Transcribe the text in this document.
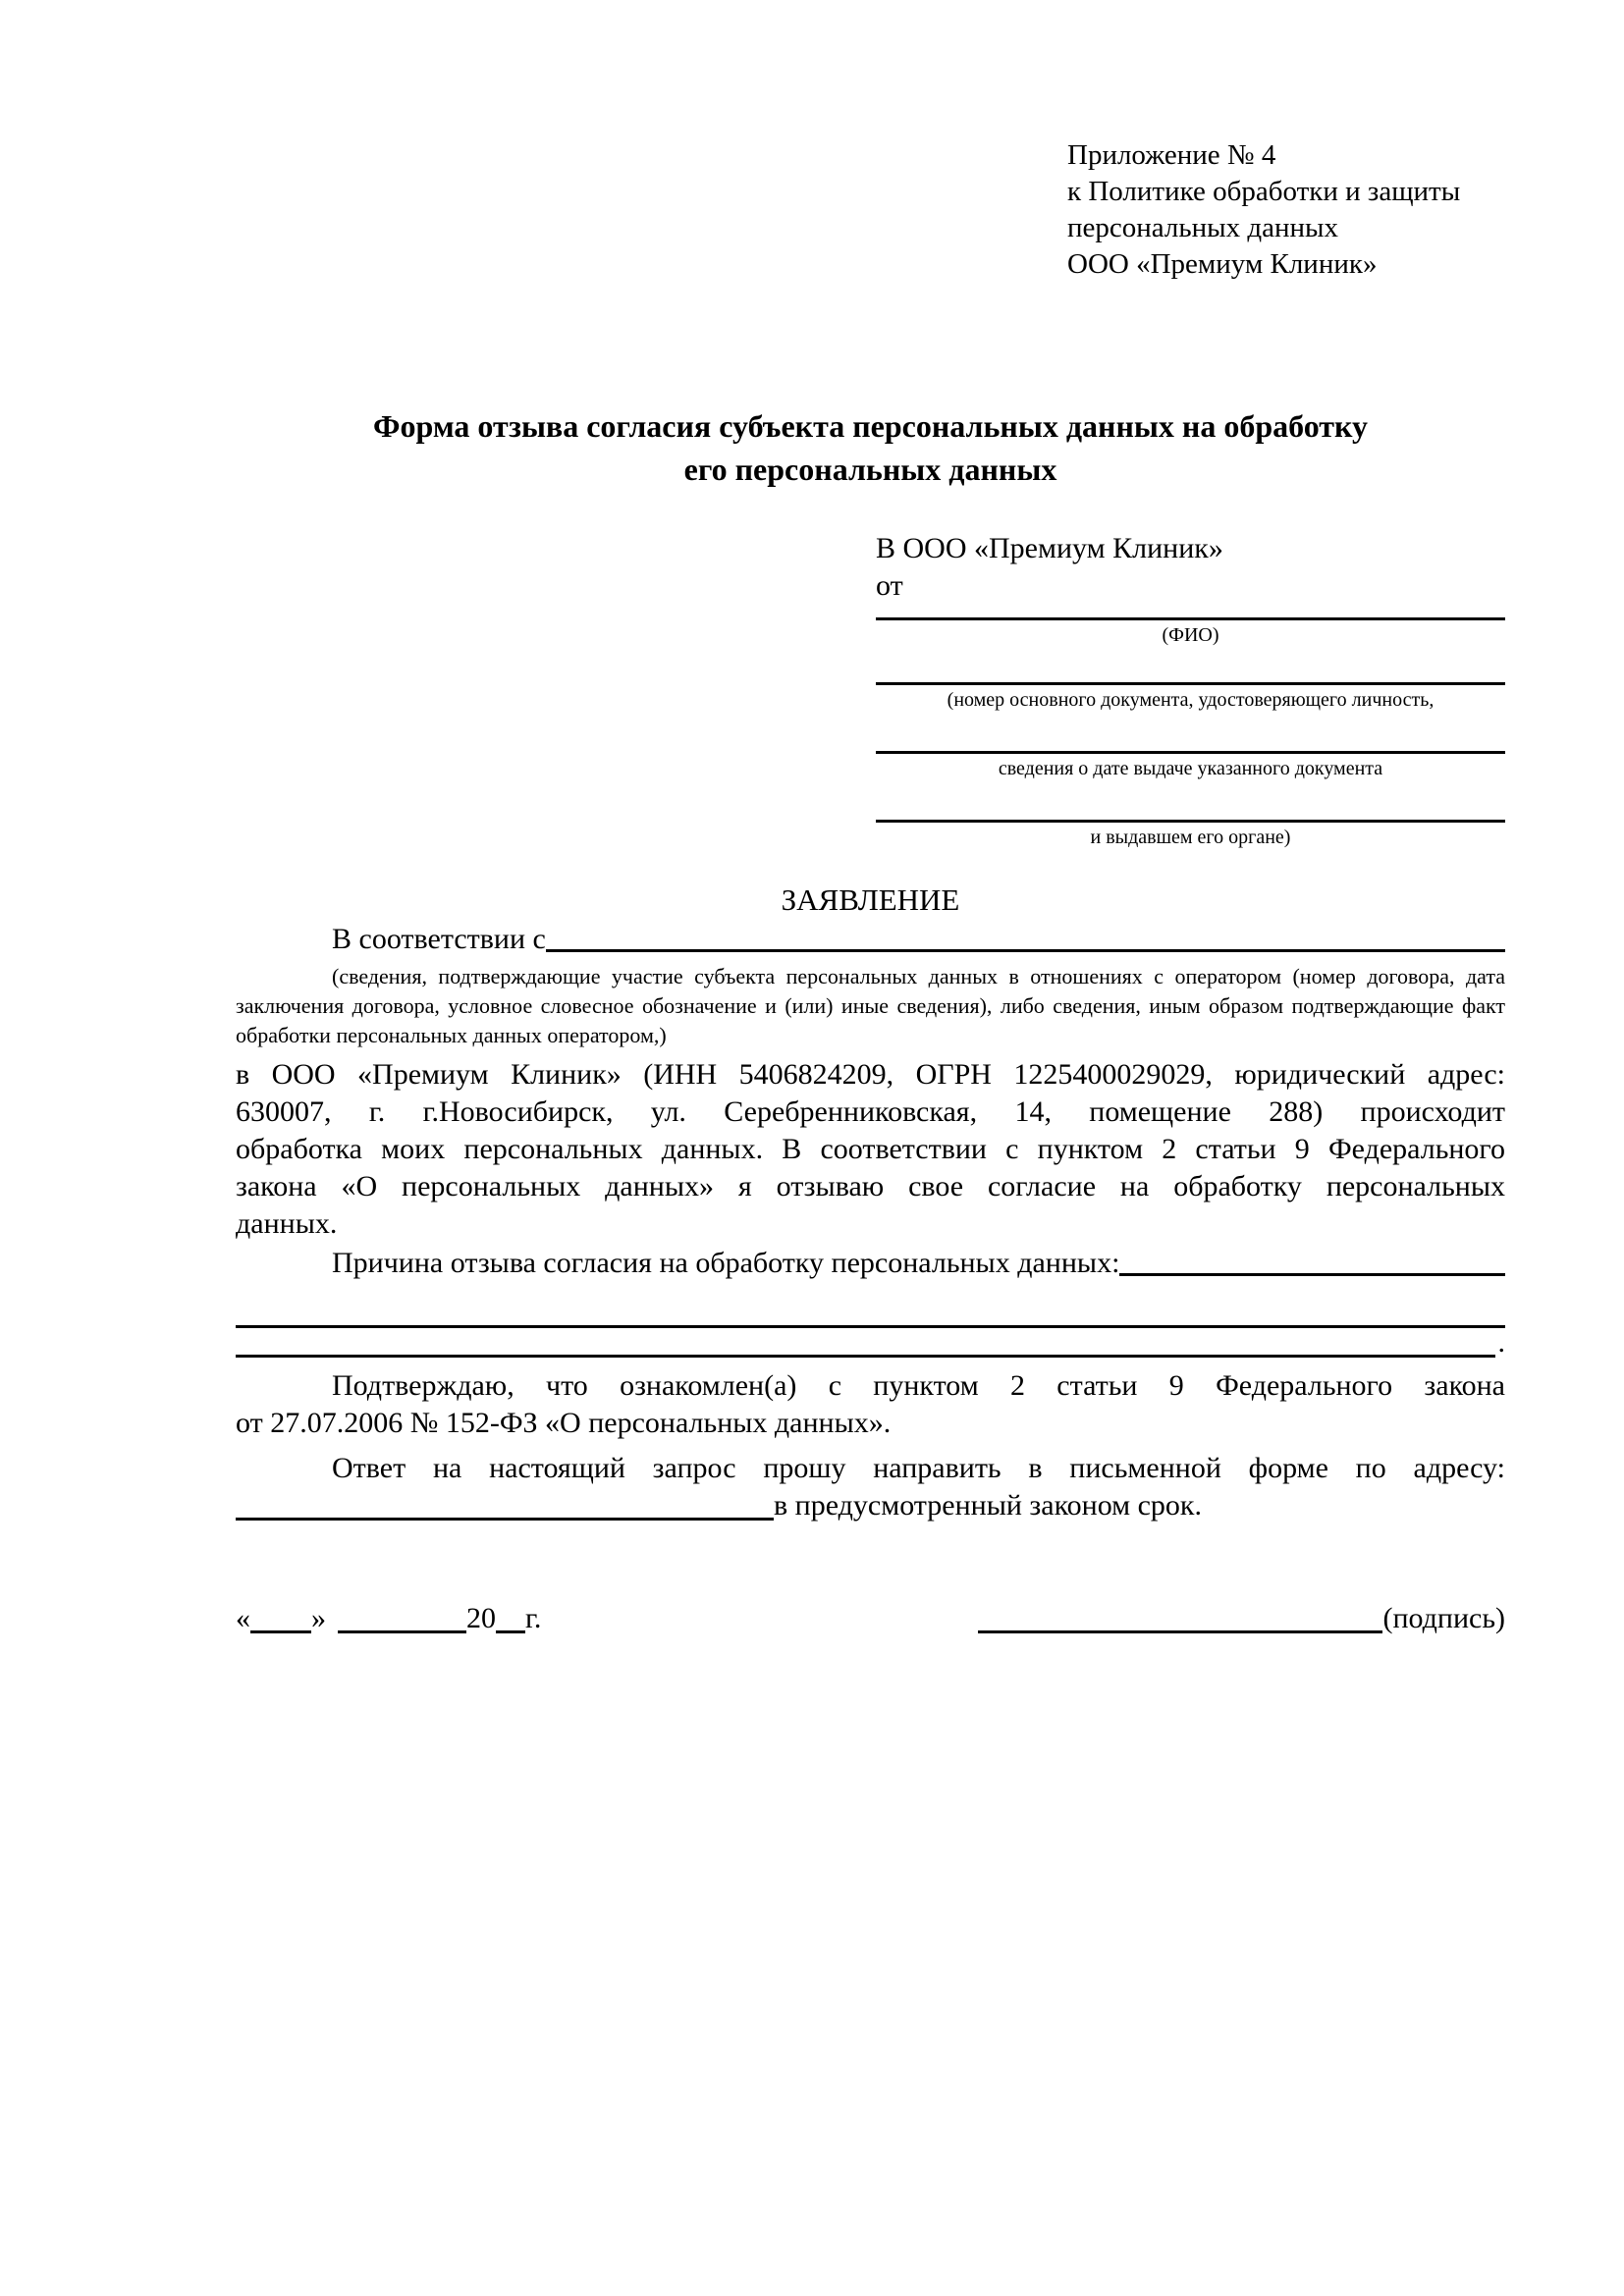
Приложение № 4
к Политике обработки и защиты
персональных данных
ООО «Премиум Клиник»
Форма отзыва согласия субъекта персональных данных на обработку
его персональных данных
В ООО «Премиум Клиник»
от
(ФИО)
(номер основного документа, удостоверяющего личность,
сведения о дате выдаче указанного документа
и выдавшем его органе)
ЗАЯВЛЕНИЕ
В соответствии с
(сведения, подтверждающие участие субъекта персональных данных в отношениях с оператором (номер договора, дата
заключения договора, условное словесное обозначение и (или) иные сведения), либо сведения, иным образом подтверждающие факт
обработки персональных данных оператором,)
в ООО «Премиум Клиник» (ИНН 5406824209, ОГРН 1225400029029, юридический адрес:
630007, г. г.Новосибирск, ул. Серебренниковская, 14, помещение 288) происходит
обработка моих персональных данных. В соответствии с пунктом 2 статьи 9 Федерального
закона «О персональных данных» я отзываю свое согласие на обработку персональных
данных.
Причина отзыва согласия на обработку персональных данных:
.
Подтверждаю, что ознакомлен(а) с пунктом 2 статьи 9 Федерального закона
от 27.07.2006 № 152-ФЗ «О персональных данных».
Ответ на настоящий запрос прошу направить в письменной форме по адресу:
в предусмотренный законом срок.
« »	20 г.	(подпись)
